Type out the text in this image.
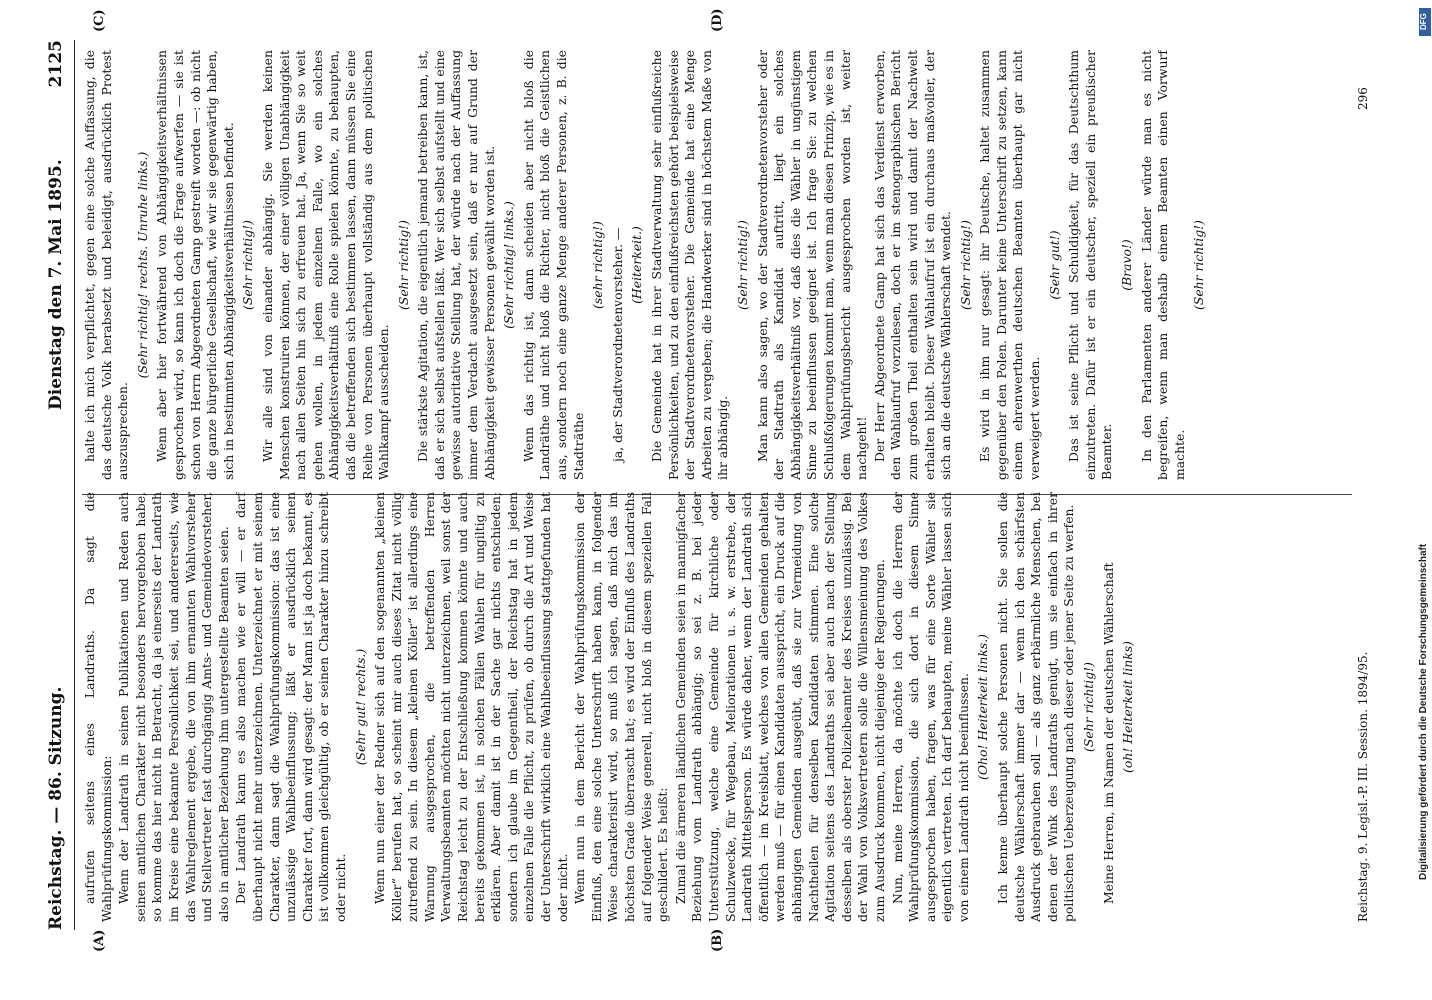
Reichstag. — 86. Sitzung.
Dienstag den 7. Mai 1895.
2125
(A)	(B)
(C)	(D)

aufrufen seitens eines Landraths. Da sagt die Wahlprüfungskommission: Wenn der Landrath in seinen Publikationen und Reden auch seinen amtlichen Charakter nicht besonders hervorgehoben habe, so komme das hier nicht in Betracht, da ja einerseits der Landrath im Kreise eine bekannte Persönlichkeit sei, und andererseits, wie das Wahlreglement ergebe, die von ihm ernannten Wahlvorsteher und Stellvertreter fast durchgängig Amts- und Gemeindevorsteher, also in amtlicher Beziehung ihm untergestellte Beamten seien. Der Landrath kann es also machen wie er will — er darf überhaupt nicht mehr unterzeichnen. Unterzeichnet er mit seinem Charakter, dann sagt die Wahlprüfungskommission: das ist eine unzulässige Wahlbeeinflussung; läßt er ausdrücklich seinen Charakter fort, dann wird gesagt: der Mann ist ja doch bekannt, es ist vollkommen gleichgültig, ob er seinen Charakter hinzu schreibt oder nicht.

(Sehr gut! rechts.) Wenn nun einer der Redner sich auf den sogenannten „kleinen Köller“ berufen hat, so scheint mir auch dieses Zitat nicht völlig zutreffend zu sein. In diesem „kleinen Köller“ ist allerdings eine Warnung ausgesprochen, die betreffenden Herren Verwaltungsbeamten möchten nicht unterzeichnen, weil sonst der Reichstag leicht zu der Entschließung kommen könnte und auch bereits gekommen ist, in solchen Fällen Wahlen für ungiltig zu erklären. Aber damit ist in der Sache gar nichts entschieden; sondern ich glaube im Gegentheil, der Reichstag hat in jedem einzelnen Falle die Pflicht, zu prüfen, ob durch die Art und Weise der Unterschrift wirklich eine Wahlbeeinflussung stattgefunden hat oder nicht. Wenn nun in dem Bericht der Wahlprüfungskommission der Einfluß, den eine solche Unterschrift haben kann, in folgender Weise charakterisirt wird, so muß ich sagen, daß mich das im höchsten Grade überrascht hat; es wird der Einfluß des Landraths auf folgender Weise generell, nicht bloß in diesem speziellen Fall geschildert. Es heißt: Zumal die ärmeren ländlichen Gemeinden seien in mannigfacher Beziehung vom Landrath abhängig; so sei z. B. bei jeder Unterstützung, welche eine Gemeinde für kirchliche oder Schulzwecke, für Wegebau, Meliorationen u. s. w. erstrebe, der Landrath Mittelsperson. Es würde daher, wenn der Landrath sich öffentlich — im Kreisblatt, welches von allen Gemeinden gehalten werden muß — für einen Kandidaten ausspricht, ein Druck auf die abhängigen Gemeinden ausgeübt, daß sie zur Vermeidung von Nachtheilen für denselben Kandidaten stimmen. Eine solche Agitation seitens des Landraths sei aber auch nach der Stellung desselben als oberster Polizeibeamter des Kreises unzulässig. Bei der Wahl von Volksvertretern solle die Willensmeinung des Volkes zum Ausdruck kommen, nicht diejenige der Regierungen. Nun, meine Herren, da möchte ich doch die Herren der Wahlprüfungskommission, die sich dort in diesem Sinne ausgesprochen haben, fragen, was für eine Sorte Wähler sie eigentlich vertreten. Ich darf behaupten, meine Wähler lassen sich von einem Landrath nicht beeinflussen. (Oho! Heiterkeit links.) Ich kenne überhaupt solche Personen nicht. Sie sollen die deutsche Wählerschaft immer dar — wenn ich den schärfsten Ausdruck gebrauchen soll — als ganz erbärmliche Menschen, bei denen der Wink des Landraths genügt, um sie einfach in ihrer politischen Ueberzeugung nach dieser oder jener Seite zu werfen. (Sehr richtig!) Meine Herren, im Namen der deutschen Wählerschaft (oh! Heiterkeit links)

halte ich mich verpflichtet, gegen eine solche Auffassung, die das deutsche Volk herabsetzt und beleidigt, ausdrücklich Protest auszusprechen.

(Sehr richtig! rechts. Unruhe links.) Wenn aber hier fortwährend von Abhängigkeitsverhältnissen gesprochen wird, so kann ich doch die Frage aufwerfen — sie ist schon von Herrn Abgeordneten Gamp gestreift worden —: ob nicht die ganze bürgerliche Gesellschaft, wie wir sie gegenwärtig haben, sich in bestimmten Abhängigkeitsverhältnissen befindet. (Sehr richtig!) Wir alle sind von einander abhängig. Sie werden keinen Menschen konstruiren können, der einer völligen Unabhängigkeit nach allen Seiten hin sich zu erfreuen hat. Ja, wenn Sie so weit gehen wollen, in jedem einzelnen Falle, wo ein solches Abhängigkeitsverhältniß eine Rolle spielen könnte, zu behaupten, daß die betreffenden sich bestimmen lassen, dann müssen Sie eine Reihe von Personen überhaupt vollständig aus dem politischen Wahlkampf ausscheiden.

(Sehr richtig!) Die stärkste Agitation, die eigentlich jemand betreiben kann, ist, daß er sich selbst aufstellen läßt. Wer sich selbst aufstellt und eine gewisse autoritative Stellung hat, der würde nach der Auffassung immer dem Verdacht ausgesetzt sein, daß er nur auf Grund der Abhängigkeit gewisser Personen gewählt worden ist. (Sehr richtig! links.) Wenn das richtig ist, dann scheiden aber nicht bloß die Landräthe und nicht bloß die Richter, nicht bloß die Geistlichen aus, sondern noch eine ganze Menge anderer Personen, z. B. die Stadträthe

(sehr richtig!) ja, der Stadtverordnetenvorsteher. — (Heiterkeit.) Die Gemeinde hat in ihrer Stadtverwaltung sehr einflußreiche Persönlichkeiten, und zu den einflußreichsten gehört beispielsweise der Stadtverordnetenvorsteher. Die Gemeinde hat eine Menge Arbeiten zu vergeben; die Handwerker sind in höchstem Maße von ihr abhängig.

(Sehr richtig!) Man kann also sagen, wo der Stadtverordnetenvorsteher oder der Stadtrath als Kandidat auftritt, liegt ein solches Abhängigkeitsverhältniß vor, daß dies die Wähler in ungünstigem Sinne zu beeinflussen geeignet ist. Ich frage Sie: zu welchen Schlußfolgerungen kommt man, wenn man diesen Prinzip, wie es in dem Wahlprüfungsbericht ausgesprochen worden ist, weiter nachgeht! Der Herr Abgeordnete Gamp hat sich das Verdienst erworben, den Wahlaufruf vorzulesen, doch er im stenographischen Bericht zum großen Theil enthalten sein wird und damit der Nachwelt erhalten bleibt. Dieser Wahlaufruf ist ein durchaus maßvoller, der sich an die deutsche Wählerschaft wendet. (Sehr richtig!) Es wird in ihm nur gesagt: ihr Deutsche, haltet zusammen gegenüber den Polen. Darunter keine Unterschrift zu setzen, kann einem ehrenwerthen deutschen Beamten überhaupt gar nicht verweigert werden.

(Sehr gut!) Das ist seine Pflicht und Schuldigkeit, für das Deutschthum einzutreten. Dafür ist er ein deutscher, speziell ein preußischer Beamter.

(Bravo!) In den Parlamenten anderer Länder würde man es nicht begreifen, wenn man deshalb einem Beamten einen Vorwurf machte.

(Sehr richtig!)

Reichstag. 9. Legisl.-P. III. Session. 1894/95.
296
DFG
Digitalisierung gefördert durch die Deutsche Forschungsgemeinschaft
